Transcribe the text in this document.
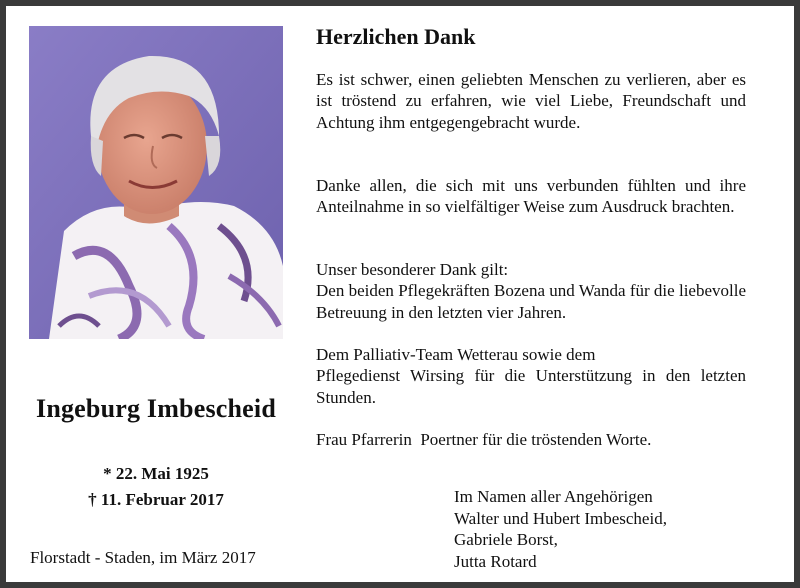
Ingeburg Imbescheid
* 22. Mai 1925
† 11. Februar 2017
Florstadt - Staden, im März 2017
Herzlichen Dank
Es ist schwer, einen geliebten Menschen zu verlieren, aber es ist tröstend zu erfahren, wie viel Liebe, Freundschaft und Achtung ihm entgegengebracht wurde.
Danke allen, die sich mit uns verbunden fühlten und ihre Anteilnahme in so vielfältiger Weise zum Ausdruck brachten.
Unser besonderer Dank gilt:
Den beiden Pflegekräften Bozena und Wanda für die liebevolle Betreuung in den letzten vier Jahren.
Dem Palliativ-Team Wetterau sowie dem
Pflegedienst Wirsing für die Unterstützung in den letzten Stunden.
Frau Pfarrerin  Poertner für die tröstenden Worte.
Im Namen aller Angehörigen
Walter und Hubert Imbescheid,
Gabriele Borst,
Jutta Rotard
